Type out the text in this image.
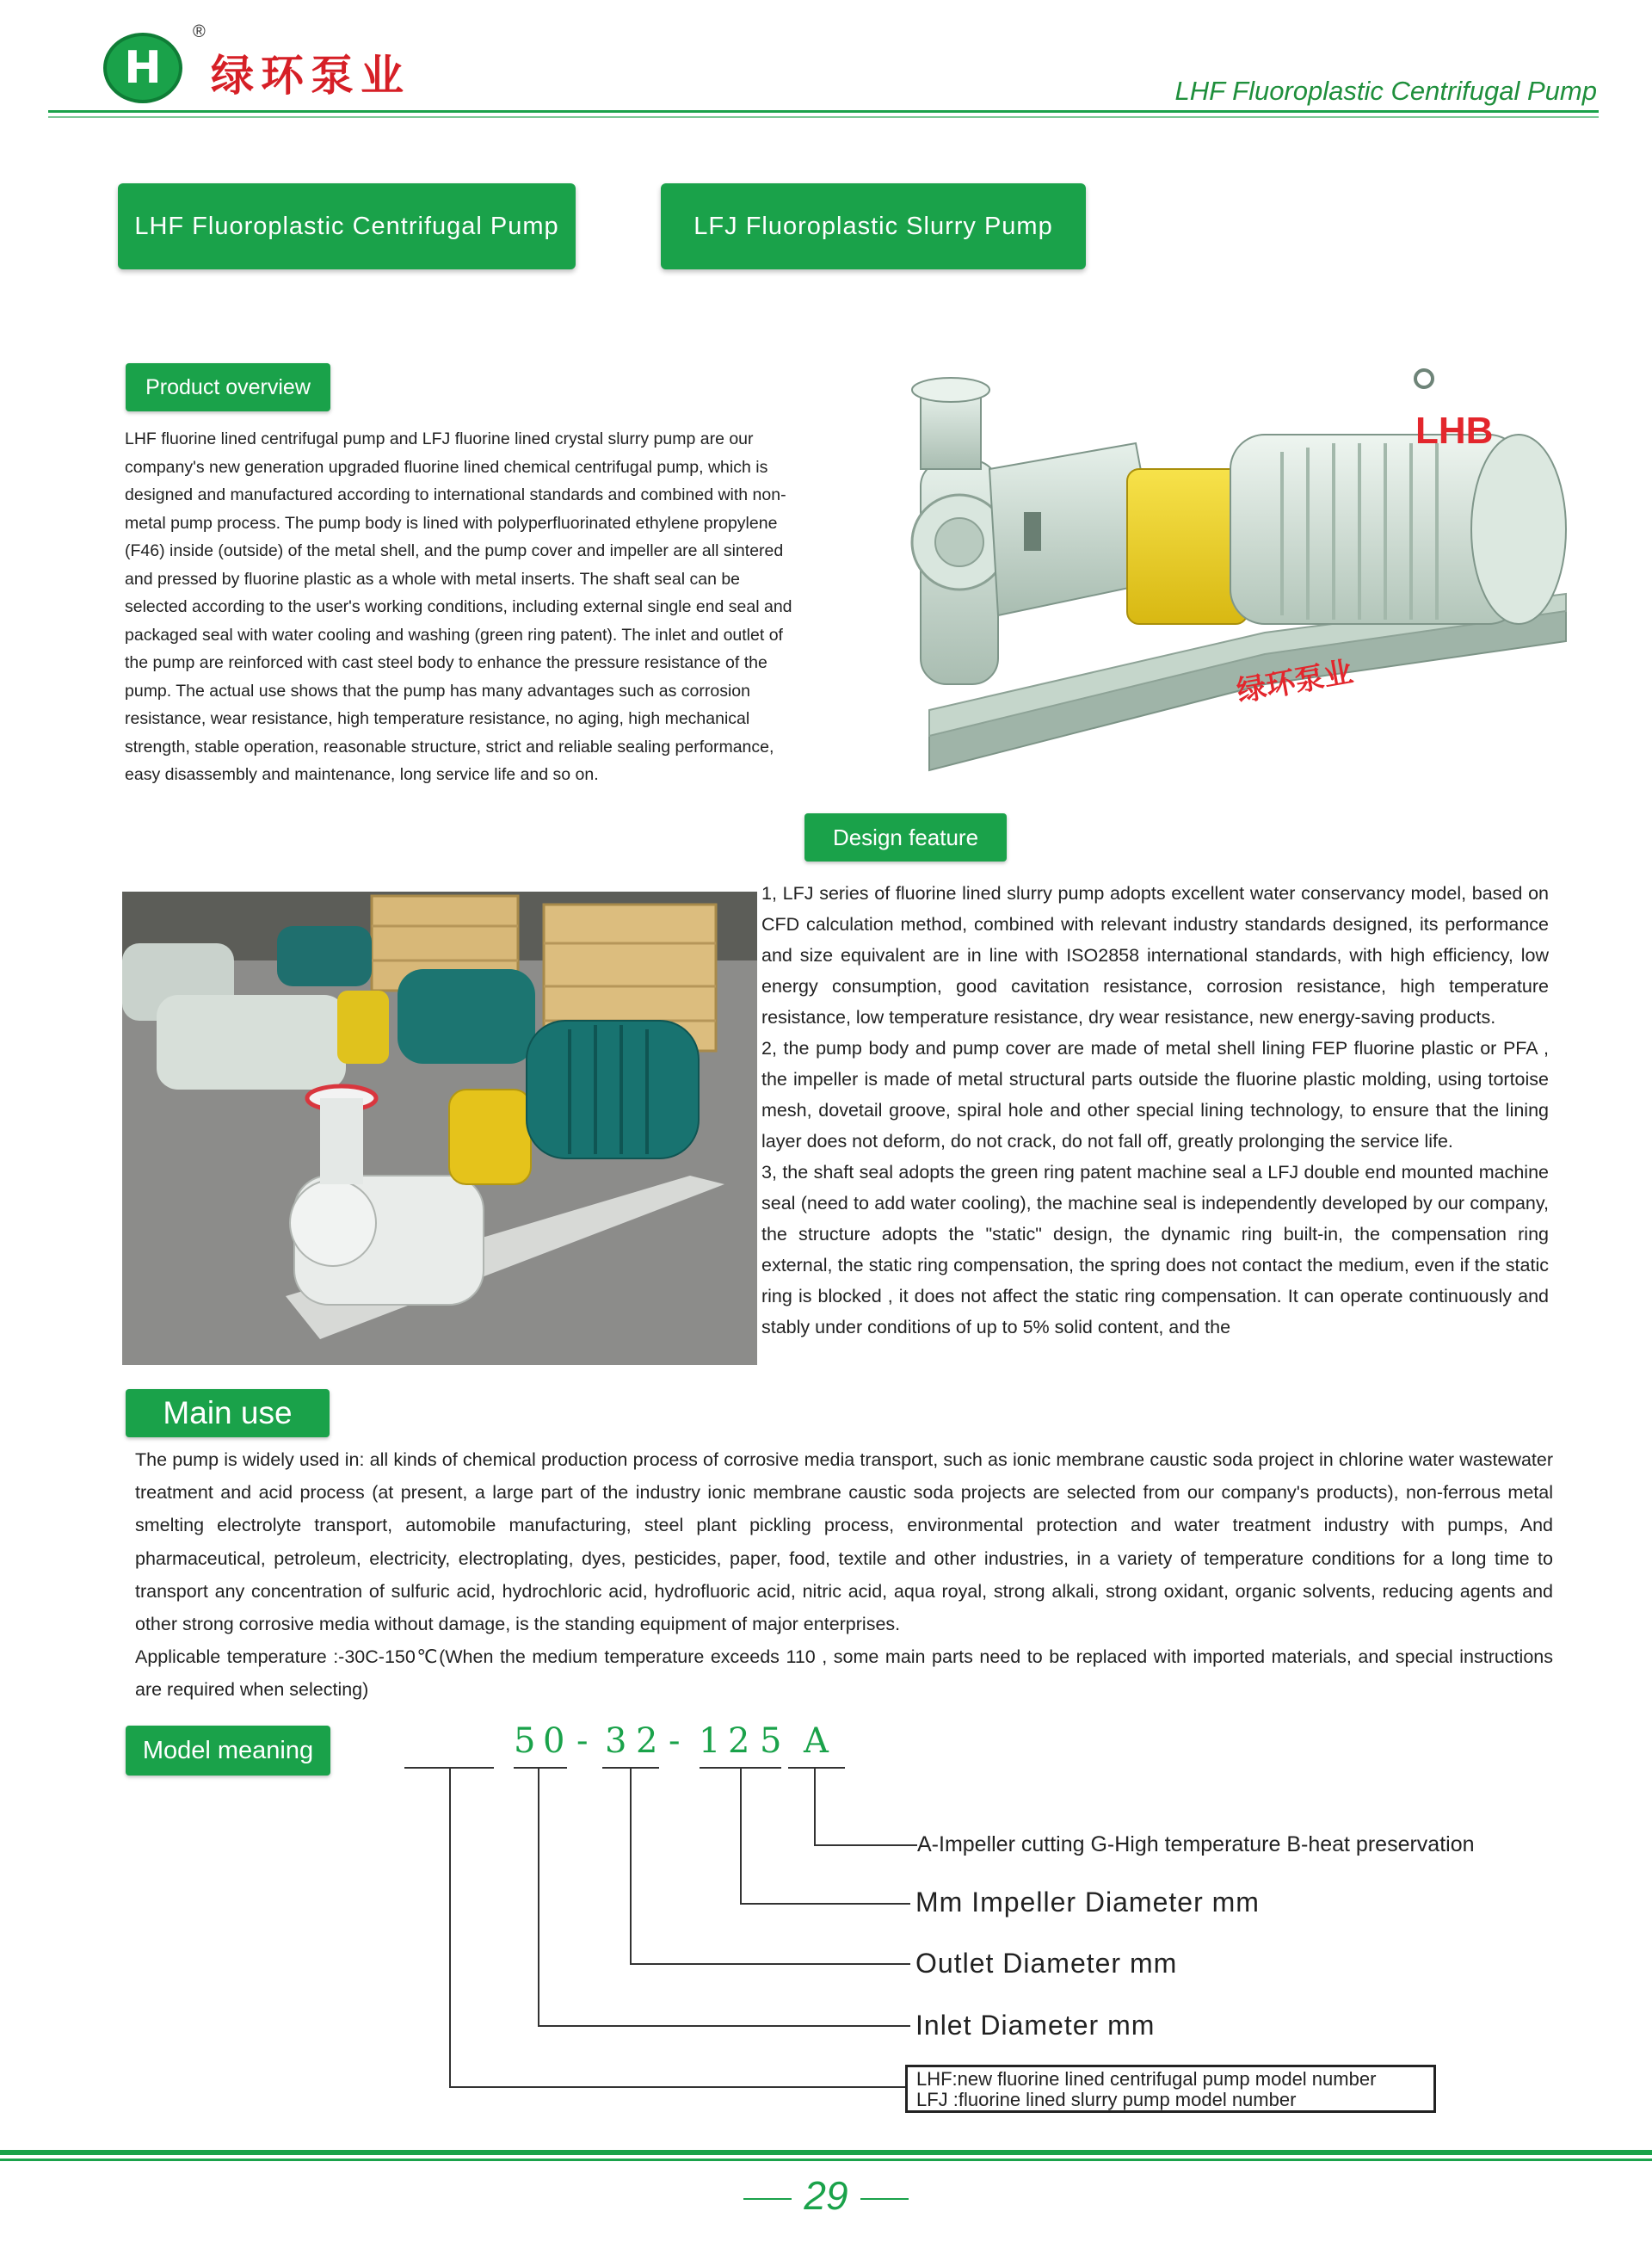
H
®
绿环泵业	LHF Fluoroplastic Centrifugal Pump
LHF Fluoroplastic Centrifugal Pump	LFJ Fluoroplastic Slurry Pump
Product overview
LHF fluorine lined centrifugal pump and LFJ fluorine lined crystal slurry pump are our
company's new generation upgraded fluorine lined chemical centrifugal pump, which is
designed and manufactured according to international standards and combined with non-
metal pump process. The pump body is lined with polyperfluorinated ethylene propylene
(F46) inside (outside) of the metal shell, and the pump cover and impeller are all sintered
and pressed by fluorine plastic as a whole with metal inserts. The shaft seal can be
selected according to the user's working conditions, including external single end seal and
packaged seal with water cooling and washing (green ring patent). The inlet and outlet of
the pump are reinforced with cast steel body to enhance the pressure resistance of the
pump. The actual use shows that the pump has many advantages such as corrosion
resistance, wear resistance, high temperature resistance, no aging, high mechanical
strength, stable operation, reasonable structure, strict and reliable sealing performance,
easy disassembly and maintenance, long service life and so on.
LHB
绿环泵业
Design feature

1, LFJ series of fluorine lined slurry pump adopts excellent water conservancy model, based on CFD calculation method, combined with relevant industry standards designed, its performance and size equivalent are in line with ISO2858 international standards, with high efficiency, low energy consumption, good cavitation resistance, corrosion resistance, high temperature resistance, low temperature resistance, dry wear resistance, new energy-saving products.

2, the pump body and pump cover are made of metal shell lining FEP fluorine plastic or PFA , the impeller is made of metal structural parts outside the fluorine plastic molding, using tortoise mesh, dovetail groove, spiral hole and other special lining technology, to ensure that the lining layer does not deform, do not crack, do not fall off, greatly prolonging the service life.

3, the shaft seal adopts the green ring patent machine seal a LFJ double end mounted machine seal (need to add water cooling), the machine seal is independently developed by our company, the structure adopts the "static" design, the dynamic ring built-in, the compensation ring external, the static ring compensation, the spring does not contact the medium, even if the static ring is blocked , it does not affect the static ring compensation. It can operate continuously and stably under conditions of up to 5% solid content, and the

Main use

The pump is widely used in: all kinds of chemical production process of corrosive media transport, such as ionic membrane caustic soda project in chlorine water wastewater treatment and acid process (at present, a large part of the industry ionic membrane caustic soda projects are selected from our company's products), non-ferrous metal smelting electrolyte transport, automobile manufacturing, steel plant pickling process, environmental protection and water treatment industry with pumps, And pharmaceutical, petroleum, electricity, electroplating, dyes, pesticides, paper, food, textile and other industries, in a variety of temperature conditions for a long time to transport any concentration of sulfuric acid, hydrochloric acid, hydrofluoric acid, nitric acid, aqua royal, strong alkali, strong oxidant, organic solvents, reducing agents and other strong corrosive media without damage, is the standing equipment of major enterprises.

Applicable temperature :-30C-150℃(When the medium temperature exceeds 110 , some main parts need to be replaced with imported materials, and special instructions are required when selecting)

Model meaning	5 0 - 3 2 - 1 2 5 A
A-Impeller cutting G-High temperature B-heat preservation
Mm Impeller Diameter mm
Outlet Diameter mm
Inlet Diameter mm
LHF:new fluorine lined centrifugal pump model number
LFJ :fluorine lined slurry pump model number
29
